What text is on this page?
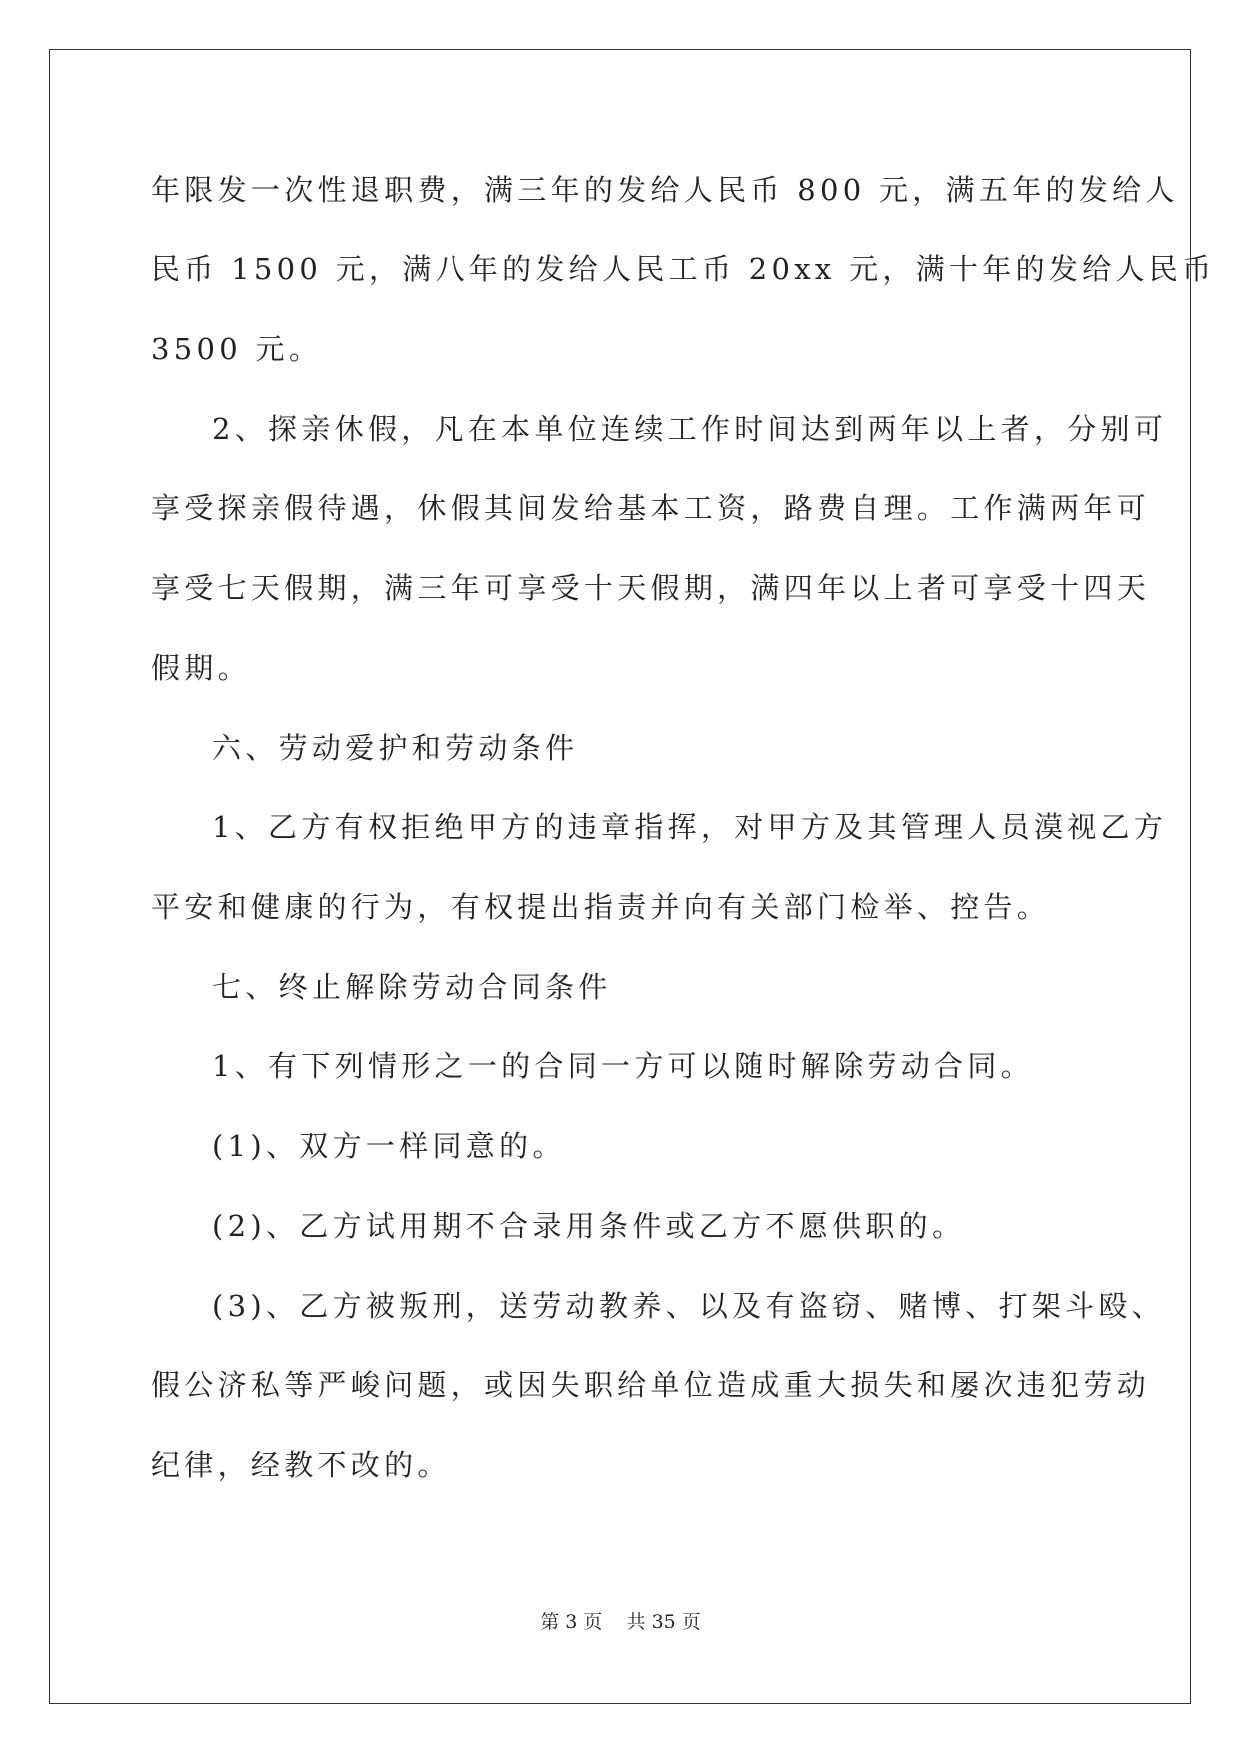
年限发一次性退职费，满三年的发给人民币 800 元，满五年的发给人
民币 1500 元，满八年的发给人民工币 20xx 元，满十年的发给人民币
3500 元。
2、探亲休假，凡在本单位连续工作时间达到两年以上者，分别可
享受探亲假待遇，休假其间发给基本工资，路费自理。工作满两年可
享受七天假期，满三年可享受十天假期，满四年以上者可享受十四天
假期。
六、劳动爱护和劳动条件
1、乙方有权拒绝甲方的违章指挥，对甲方及其管理人员漠视乙方
平安和健康的行为，有权提出指责并向有关部门检举、控告。
七、终止解除劳动合同条件
1、有下列情形之一的合同一方可以随时解除劳动合同。
(1)、双方一样同意的。
(2)、乙方试用期不合录用条件或乙方不愿供职的。
(3)、乙方被叛刑，送劳动教养、以及有盗窃、赌博、打架斗殴、
假公济私等严峻问题，或因失职给单位造成重大损失和屡次违犯劳动
纪律，经教不改的。
第 3 页    共 35 页
